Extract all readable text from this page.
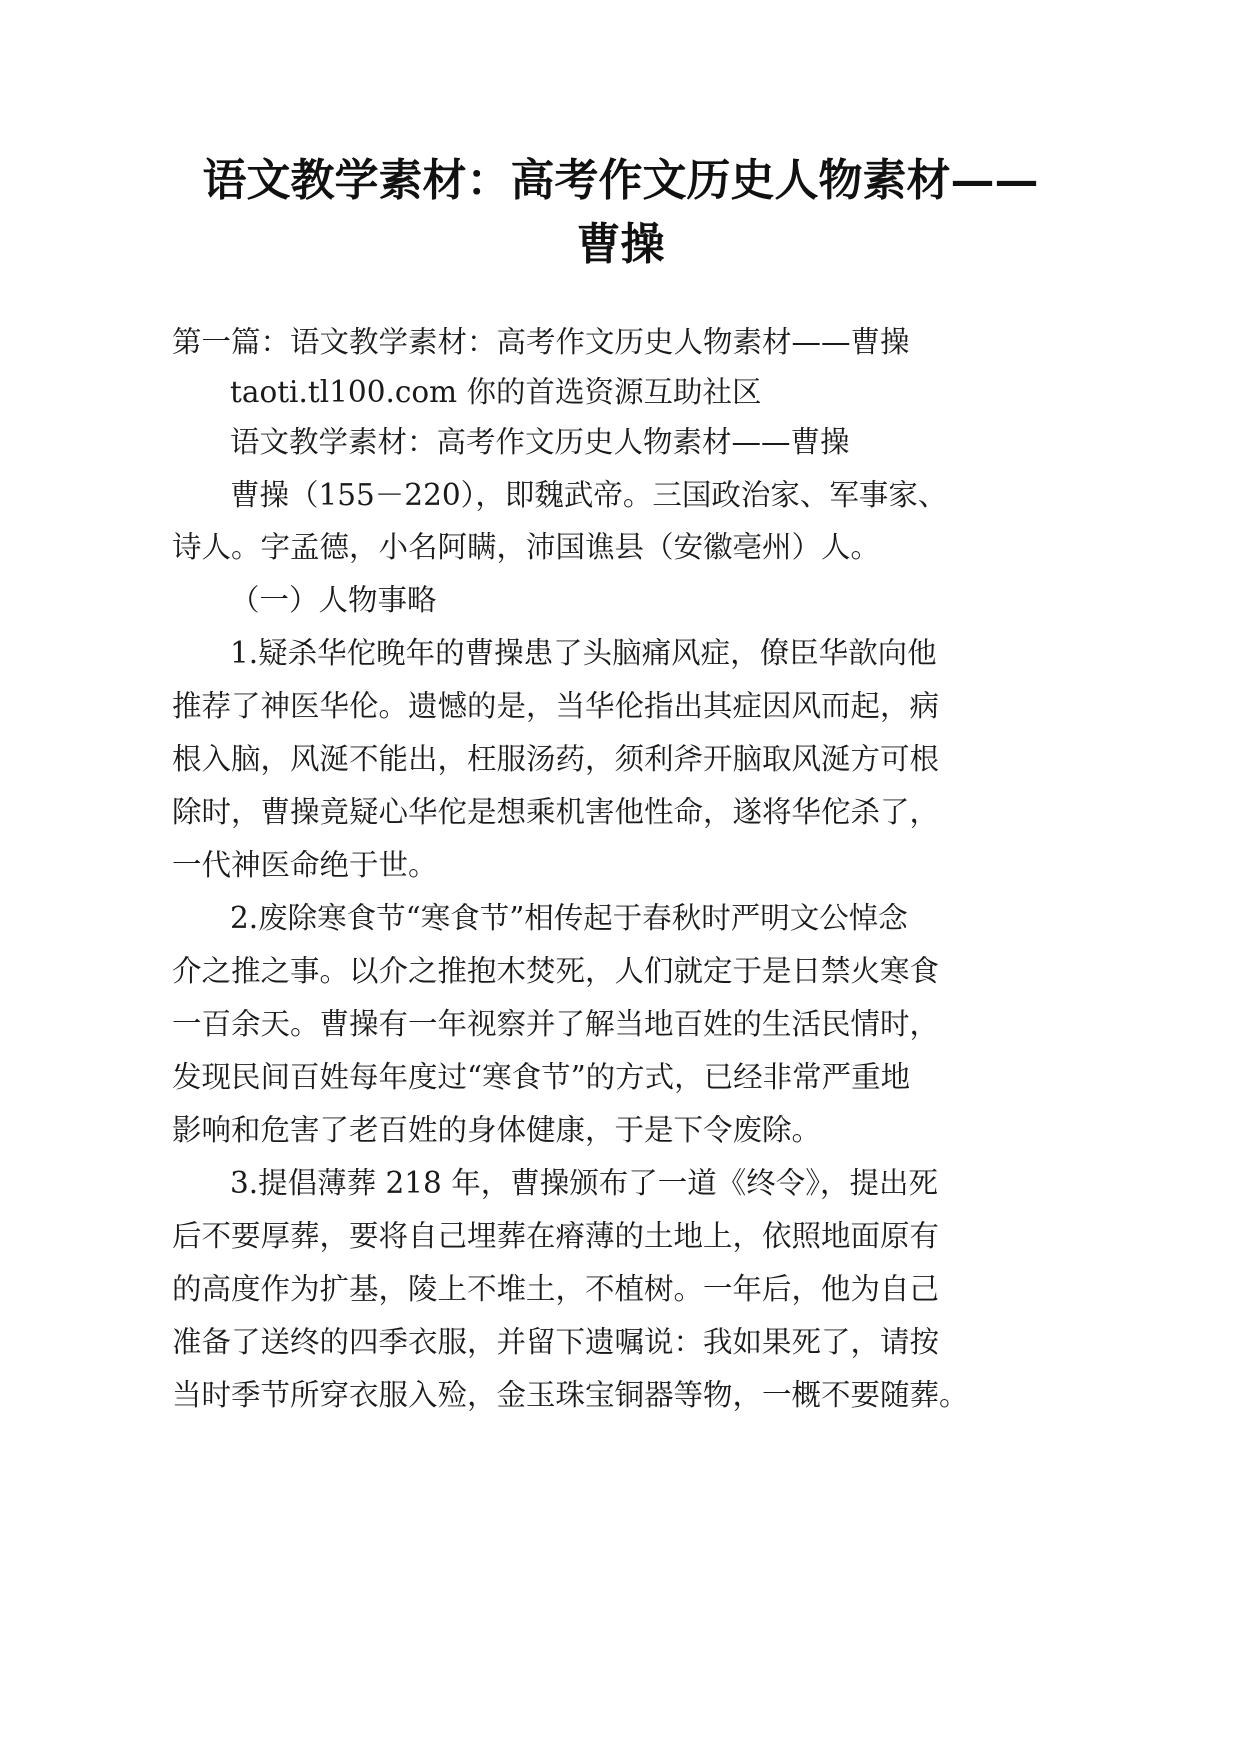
语文教学素材：高考作文历史人物素材——
曹操

第一篇：语文教学素材：高考作文历史人物素材——曹操

taoti.tl100.com 你的首选资源互助社区

语文教学素材：高考作文历史人物素材——曹操

曹操（155－220），即魏武帝。三国政治家、军事家、

诗人。字孟德，小名阿瞒，沛国谯县（安徽亳州）人。

（一）人物事略

1.疑杀华佗晚年的曹操患了头脑痛风症，僚臣华歆向他

推荐了神医华伦。遗憾的是，当华伦指出其症因风而起，病

根入脑，风涎不能出，枉服汤药，须利斧开脑取风涎方可根

除时，曹操竟疑心华佗是想乘机害他性命，遂将华佗杀了，

一代神医命绝于世。

2.废除寒食节“寒食节”相传起于春秋时严明文公悼念

介之推之事。以介之推抱木焚死，人们就定于是日禁火寒食

一百余天。曹操有一年视察并了解当地百姓的生活民情时，

发现民间百姓每年度过“寒食节”的方式，已经非常严重地

影响和危害了老百姓的身体健康，于是下令废除。

3.提倡薄葬 218 年，曹操颁布了一道《终令》，提出死

后不要厚葬，要将自己埋葬在瘠薄的土地上，依照地面原有

的高度作为扩基，陵上不堆土，不植树。一年后，他为自己

准备了送终的四季衣服，并留下遗嘱说：我如果死了，请按

当时季节所穿衣服入殓，金玉珠宝铜器等物，一概不要随葬。
